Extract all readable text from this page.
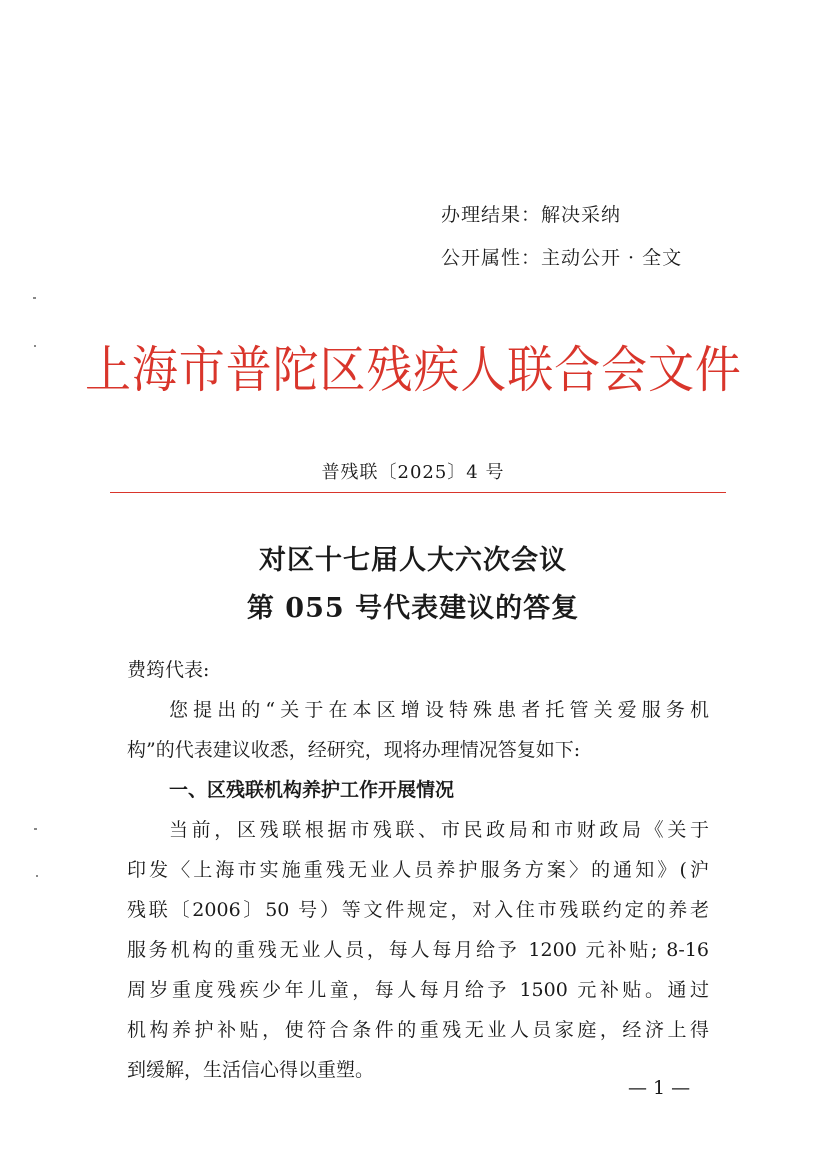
办理结果：解决采纳
公开属性：主动公开 · 全文
上海市普陀区残疾人联合会文件
普残联〔2025〕4 号
对区十七届人大六次会议
第 055 号代表建议的答复
费筠代表:
您提出的“关于在本区增设特殊患者托管关爱服务机
构”的代表建议收悉，经研究，现将办理情况答复如下:
一、区残联机构养护工作开展情况
当前，区残联根据市残联、市民政局和市财政局《关于
印发〈上海市实施重残无业人员养护服务方案〉的通知》(沪
残联〔2006〕50 号）等文件规定，对入住市残联约定的养老
服务机构的重残无业人员，每人每月给予 1200 元补贴; 8-16
周岁重度残疾少年儿童，每人每月给予 1500 元补贴。通过
机构养护补贴，使符合条件的重残无业人员家庭，经济上得
到缓解，生活信心得以重塑。
— 1 —
